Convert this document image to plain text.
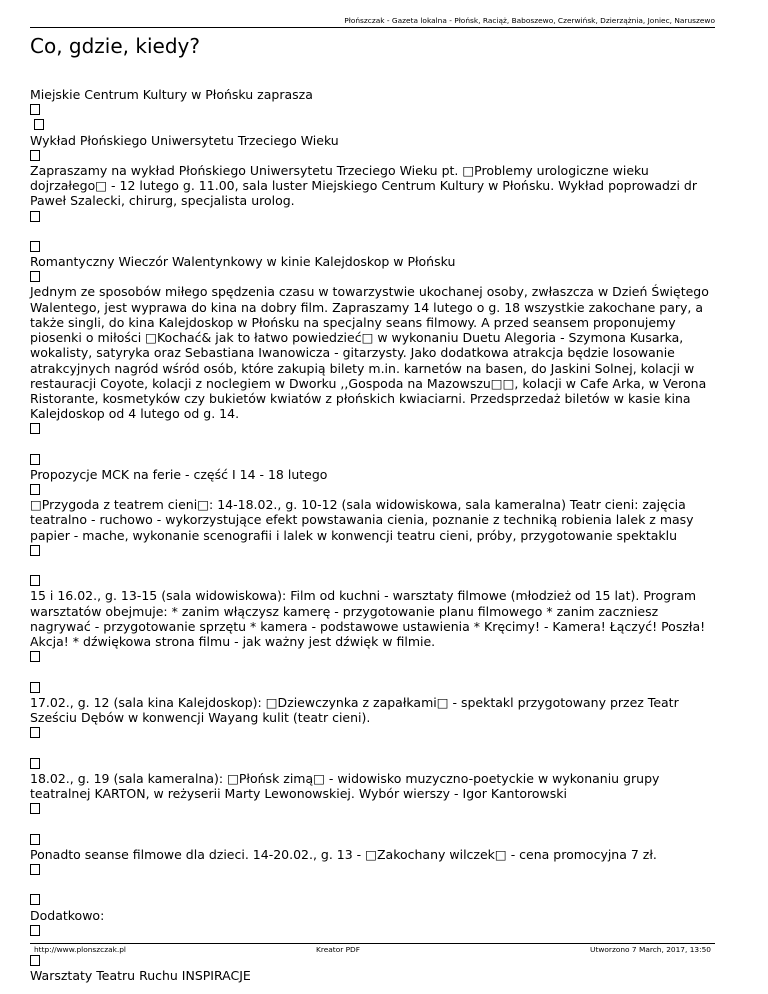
Płońszczak - Gazeta lokalna - Płońsk, Raciąż, Baboszewo, Czerwińsk, Dzierzążnia, Joniec, Naruszewo
Co, gdzie, kiedy?
Miejskie Centrum Kultury w Płońsku zaprasza
Wykład Płońskiego Uniwersytetu Trzeciego Wieku

Zapraszamy na wykład Płońskiego Uniwersytetu Trzeciego Wieku pt. □Problemy urologiczne wieku dojrzałego□ - 12 lutego g. 11.00, sala luster Miejskiego Centrum Kultury w Płońsku. Wykład poprowadzi dr Paweł Szalecki, chirurg, specjalista urolog.

Romantyczny Wieczór Walentynkowy w kinie Kalejdoskop w Płońsku

Jednym ze sposobów miłego spędzenia czasu w towarzystwie ukochanej osoby, zwłaszcza w Dzień Świętego Walentego, jest wyprawa do kina na dobry film. Zapraszamy 14 lutego o g. 18 wszystkie zakochane pary, a także singli, do kina Kalejdoskop w Płońsku na specjalny seans filmowy. A przed seansem proponujemy piosenki o miłości □Kochać& jak to łatwo powiedzieć□ w wykonaniu Duetu Alegoria - Szymona Kusarka, wokalisty, satyryka oraz Sebastiana Iwanowicza - gitarzysty. Jako dodatkowa atrakcja będzie losowanie atrakcyjnych nagród wśród osób, które zakupią bilety m.in. karnetów na basen, do Jaskini Solnej, kolacji w restauracji Coyote, kolacji z noclegiem w Dworku ,,Gospoda na Mazowszu□□, kolacji w Cafe Arka, w Verona Ristorante, kosmetyków czy bukietów kwiatów z płońskich kwiaciarni. Przedsprzedaż biletów w kasie kina Kalejdoskop od 4 lutego od g. 14.

Propozycje MCK na ferie - część I 14 - 18 lutego

□Przygoda z teatrem cieni□: 14-18.02., g. 10-12 (sala widowiskowa, sala kameralna) Teatr cieni: zajęcia teatralno - ruchowo - wykorzystujące efekt powstawania cienia, poznanie z techniką robienia lalek z masy papier - mache, wykonanie scenografii i lalek w konwencji teatru cieni, próby, przygotowanie spektaklu

15 i 16.02., g. 13-15 (sala widowiskowa): Film od kuchni - warsztaty filmowe (młodzież od 15 lat). Program warsztatów obejmuje: * zanim włączysz kamerę - przygotowanie planu filmowego * zanim zaczniesz nagrywać - przygotowanie sprzętu * kamera - podstawowe ustawienia * Kręcimy! - Kamera! Łączyć! Poszła! Akcja! * dźwiękowa strona filmu - jak ważny jest dźwięk w filmie.

17.02., g. 12 (sala kina Kalejdoskop): □Dziewczynka z zapałkami□ - spektakl przygotowany przez Teatr Sześciu Dębów w konwencji Wayang kulit (teatr cieni).

18.02., g. 19 (sala kameralna): □Płońsk zimą□ - widowisko muzyczno-poetyckie w wykonaniu grupy teatralnej KARTON, w reżyserii Marty Lewonowskiej. Wybór wierszy - Igor Kantorowski

Ponadto seanse filmowe dla dzieci. 14-20.02., g. 13 - □Zakochany wilczek□ - cena promocyjna 7 zł.

Dodatkowo:
Warsztaty Teatru Ruchu INSPIRACJE
http://www.plonszczak.pl	Kreator PDF	Utworzono 7 March, 2017, 13:50
